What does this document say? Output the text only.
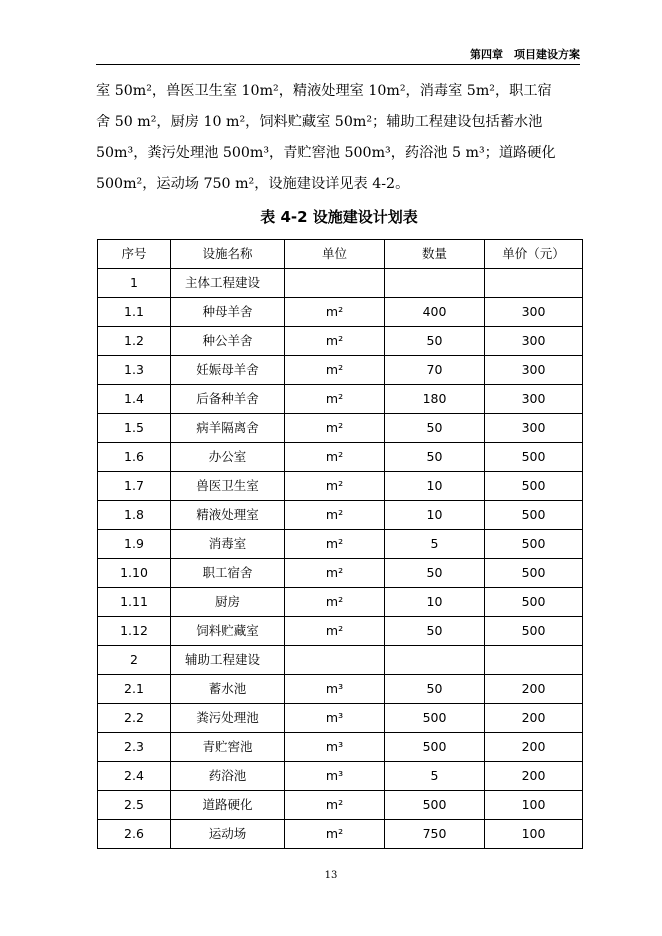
第四章　项目建设方案
室 50m²，兽医卫生室 10m²，精液处理室 10m²，消毒室 5m²，职工宿
舍 50 m²，厨房 10 m²，饲料贮藏室 50m²；辅助工程建设包括蓄水池
50m³，粪污处理池 500m³，青贮窖池 500m³，药浴池 5 m³；道路硬化
500m²，运动场 750 m²，设施建设详见表 4-2。
表 4-2 设施建设计划表
序号	设施名称	单位	数量	单价（元）
1	主体工程建设			
1.1	种母羊舍	m²	400	300
1.2	种公羊舍	m²	50	300
1.3	妊娠母羊舍	m²	70	300
1.4	后备种羊舍	m²	180	300
1.5	病羊隔离舍	m²	50	300
1.6	办公室	m²	50	500
1.7	兽医卫生室	m²	10	500
1.8	精液处理室	m²	10	500
1.9	消毒室	m²	5	500
1.10	职工宿舍	m²	50	500
1.11	厨房	m²	10	500
1.12	饲料贮藏室	m²	50	500
2	辅助工程建设			
2.1	蓄水池	m³	50	200
2.2	粪污处理池	m³	500	200
2.3	青贮窖池	m³	500	200
2.4	药浴池	m³	5	200
2.5	道路硬化	m²	500	100
2.6	运动场	m²	750	100
13
